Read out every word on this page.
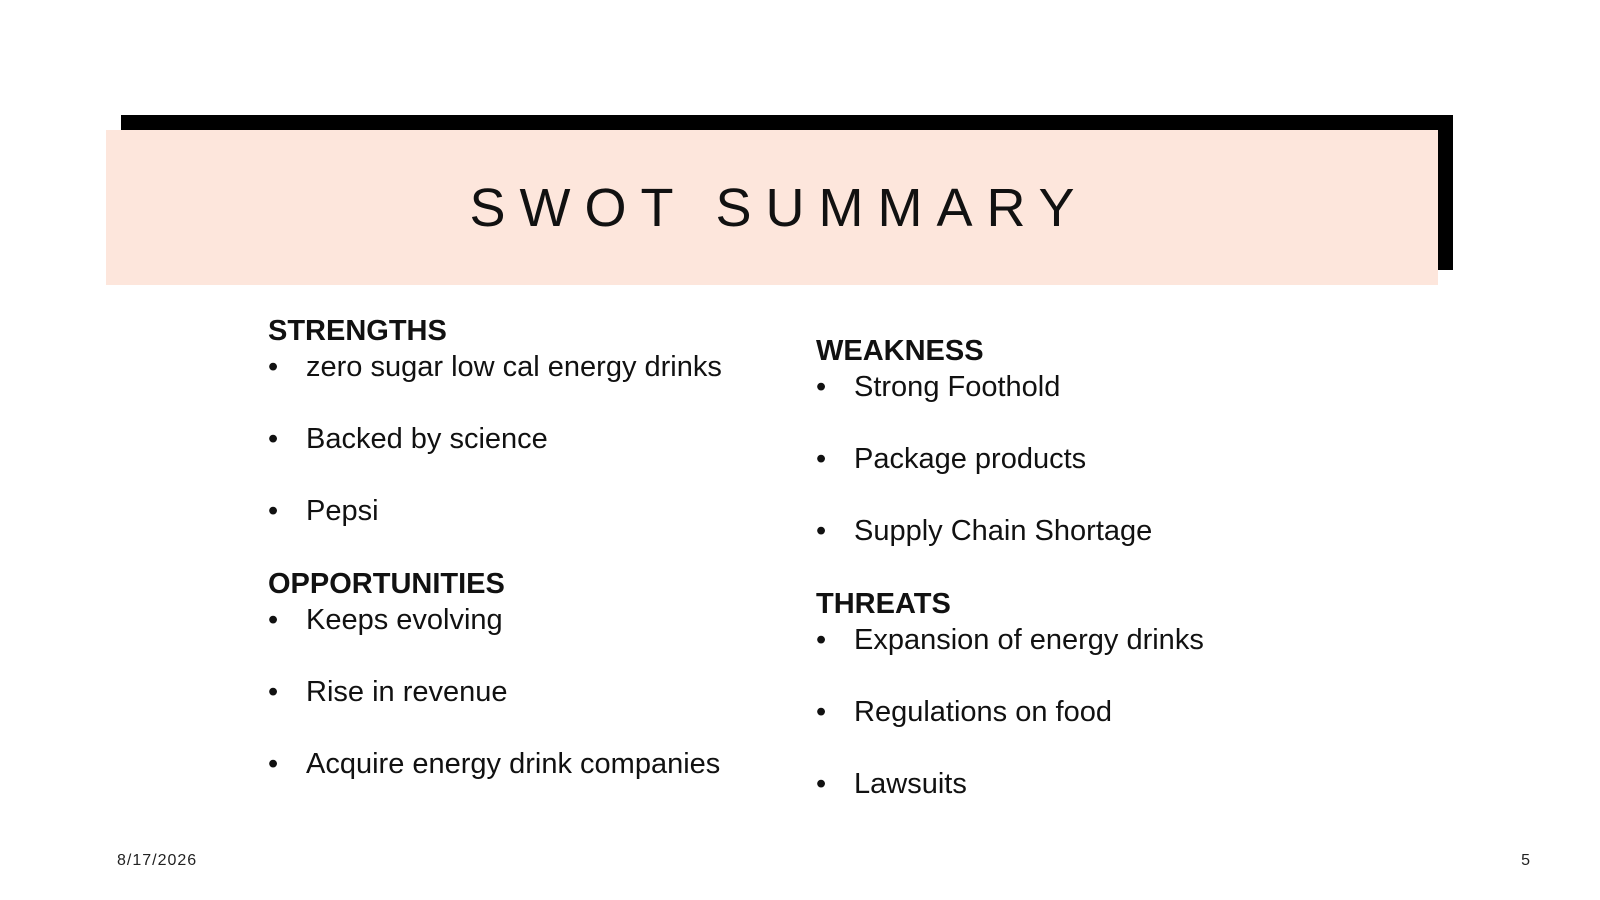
SWOT SUMMARY

STRENGTHS

• zero sugar low cal energy drinks
• Backed by science
• Pepsi

OPPORTUNITIES

• Keeps evolving
• Rise in revenue
• Acquire energy drink companies

WEAKNESS

• Strong Foothold
• Package products
• Supply Chain Shortage

THREATS

• Expansion of energy drinks
• Regulations on food
• Lawsuits
8/17/2026	5
